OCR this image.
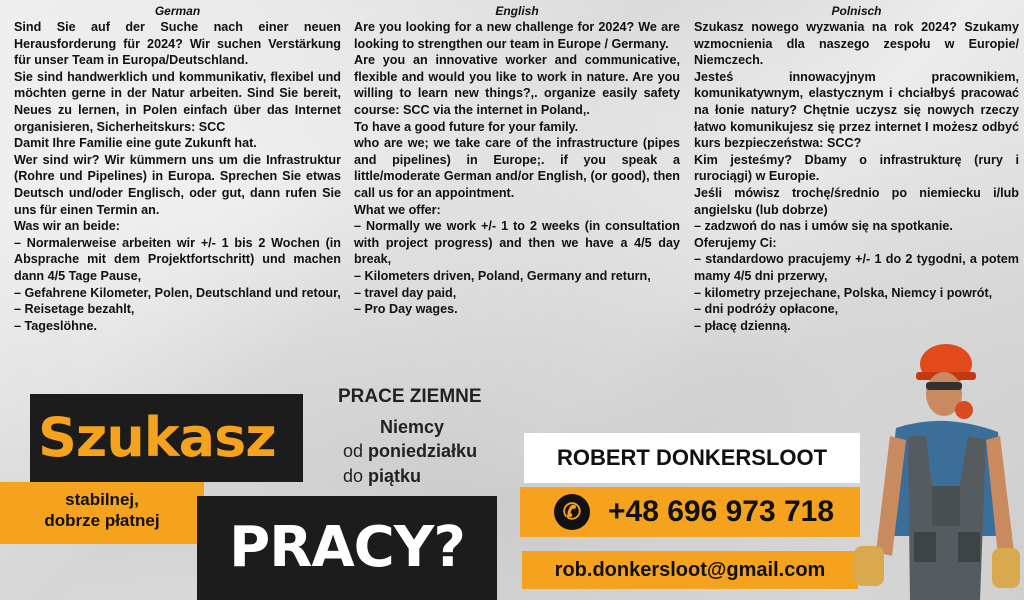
German

Sind Sie auf der Suche nach einer neuen Herausforderung für 2024? Wir suchen Verstärkung für unser Team in Europa/Deutschland.

Sie sind handwerklich und kommunikativ, flexibel und möchten gerne in der Natur arbeiten. Sind Sie bereit, Neues zu lernen, in Polen einfach über das Internet organisieren, Sicherheitskurs: SCC

Damit Ihre Familie eine gute Zukunft hat.

Wer sind wir? Wir kümmern uns um die Infrastruktur (Rohre und Pipelines) in Europa. Sprechen Sie etwas Deutsch und/oder Englisch, oder gut, dann rufen Sie uns für einen Termin an.

Was wir an beide:

– Normalerweise arbeiten wir +/- 1 bis 2 Wochen (in Absprache mit dem Projektfortschritt) und machen dann 4/5 Tage Pause,

– Gefahrene Kilometer, Polen, Deutschland und retour,

– Reisetage bezahlt,

– Tageslöhne.

English

Are you looking for a new challenge for 2024? We are looking to strengthen our team in Europe / Germany.

Are you an innovative worker and communicative, flexible and would you like to work in nature. Are you willing to learn new things?,. organize easily safety course: SCC via the internet in Poland,.

To have a good future for your family.

who are we; we take care of the infrastructure (pipes and pipelines) in Europe;. if you speak a little/moderate German and/or English, (or good), then call us for an appointment.

What we offer:

– Normally we work +/- 1 to 2 weeks (in consultation with project progress) and then we have a 4/5 day break,

– Kilometers driven, Poland, Germany and return,

– travel day paid,

– Pro Day wages.

Polnisch

Szukasz nowego wyzwania na rok 2024? Szukamy wzmocnienia dla naszego zespołu w Europie/ Niemczech.

Jesteś innowacyjnym pracownikiem, komunikatywnym, elastycznym i chciałbyś pracować na łonie natury? Chętnie uczysz się nowych rzeczy łatwo komunikujesz się przez internet I możesz odbyć kurs bezpieczeństwa: SCC?

Kim jesteśmy? Dbamy o infrastrukturę (rury i rurociągi) w Europie.

Jeśli mówisz trochę/średnio po niemiecku i/lub angielsku (lub dobrze)

– zadzwoń do nas i umów się na spotkanie.

Oferujemy Ci:

– standardowo pracujemy +/- 1 do 2 tygodni, a potem mamy 4/5 dni przerwy,

– kilometry przejechane, Polska, Niemcy i powrót,

– dni podróży opłacone,

– płacę dzienną.

Szukasz
stabilnej,
dobrze płatnej	PRACY?
PRACE ZIEMNE
Niemcy
od poniedziałku
do piątku
ROBERT DONKERSLOOT
✆ +48 696 973 718
rob.donkersloot@gmail.com
